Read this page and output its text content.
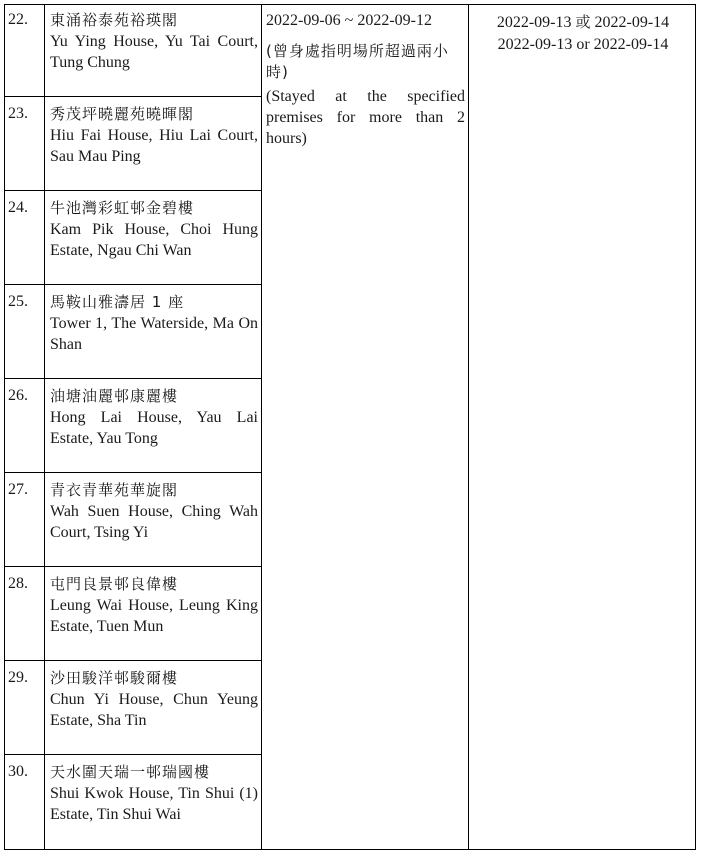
22.	東涌裕泰苑裕瑛閣
Yu Ying House, Yu Tai Court, Tung Chung
23.	秀茂坪曉麗苑曉暉閣
Hiu Fai House, Hiu Lai Court, Sau Mau Ping
24.	牛池灣彩虹邨金碧樓
Kam Pik House, Choi Hung Estate, Ngau Chi Wan
25.	馬鞍山雅濤居 1 座
Tower 1, The Waterside, Ma On Shan
26.	油塘油麗邨康麗樓
Hong Lai House, Yau Lai Estate, Yau Tong
27.	青衣青華苑華旋閣
Wah Suen House, Ching Wah Court, Tsing Yi
28.	屯門良景邨良偉樓
Leung Wai House, Leung King Estate, Tuen Mun
29.	沙田駿洋邨駿爾樓
Chun Yi House, Chun Yeung Estate, Sha Tin
30.	天水圍天瑞一邨瑞國樓
Shui Kwok House, Tin Shui (1) Estate, Tin Shui Wai
2022-09-06 ~ 2022-09-12
(曾身處指明場所超過兩小時)
(Stayed at the specified premises for more than 2 hours)
2022-09-13 或 2022-09-14
2022-09-13 or 2022-09-14
